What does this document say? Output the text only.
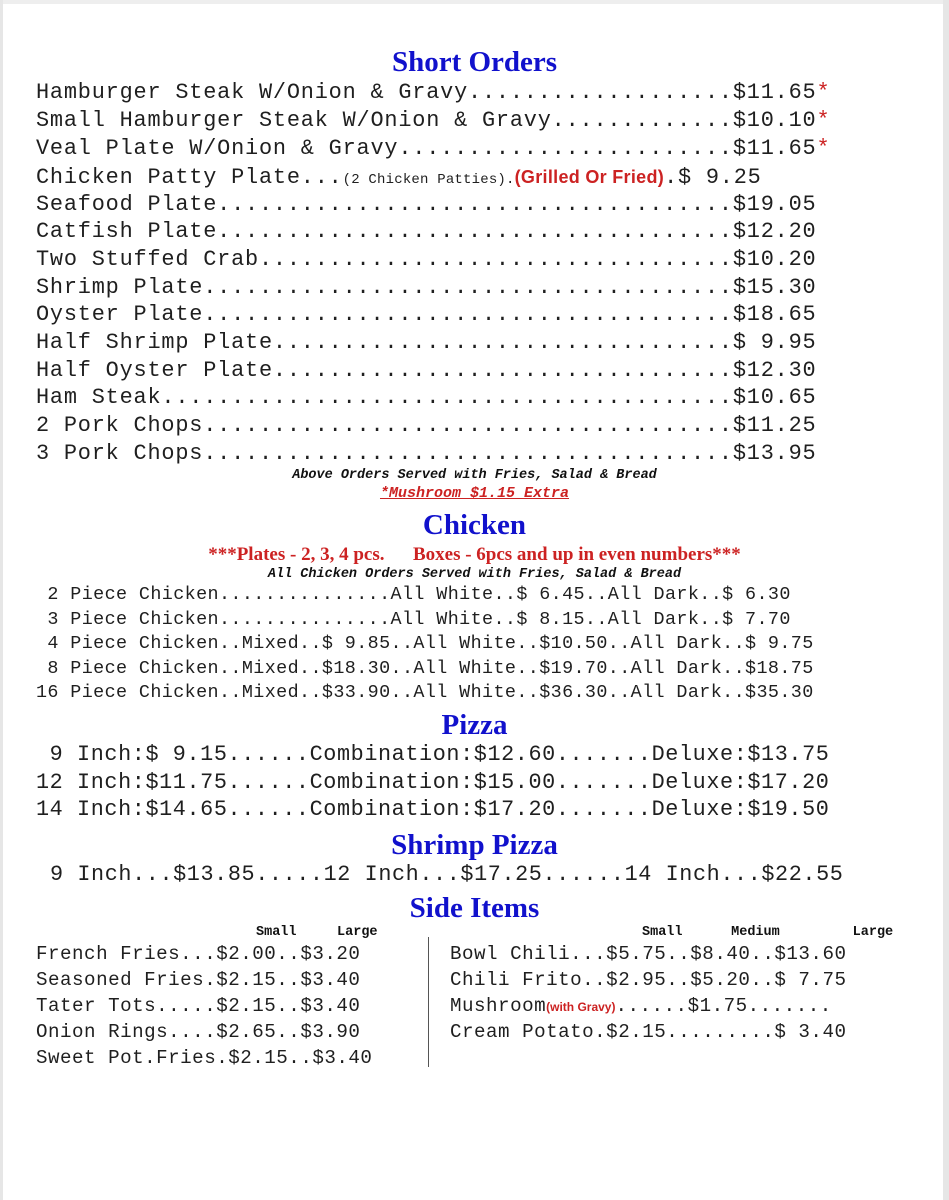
Short Orders
Hamburger Steak W/Onion & Gravy...................$11.65*
Small Hamburger Steak W/Onion & Gravy.............$10.10*
Veal Plate W/Onion & Gravy........................$11.65*
Chicken Patty Plate...(2 Chicken Patties).(Grilled Or Fried).$ 9.25
Seafood Plate.....................................$19.05
Catfish Plate.....................................$12.20
Two Stuffed Crab..................................$10.20
Shrimp Plate......................................$15.30
Oyster Plate......................................$18.65
Half Shrimp Plate.................................$ 9.95
Half Oyster Plate.................................$12.30
Ham Steak.........................................$10.65
2 Pork Chops......................................$11.25
3 Pork Chops......................................$13.95
Above Orders Served with Fries, Salad & Bread
*Mushroom $1.15 Extra
Chicken
***Plates - 2, 3, 4 pcs.      Boxes - 6pcs and up in even numbers***
All Chicken Orders Served with Fries, Salad & Bread
2 Piece Chicken...............All White..$ 6.45..All Dark..$ 6.30
3 Piece Chicken...............All White..$ 8.15..All Dark..$ 7.70
4 Piece Chicken..Mixed..$ 9.85..All White..$10.50..All Dark..$ 9.75
8 Piece Chicken..Mixed..$18.30..All White..$19.70..All Dark..$18.75
16 Piece Chicken..Mixed..$33.90..All White..$36.30..All Dark..$35.30
Pizza
9 Inch:$ 9.15......Combination:$12.60.......Deluxe:$13.75
12 Inch:$11.75......Combination:$15.00.......Deluxe:$17.20
14 Inch:$14.65......Combination:$17.20.......Deluxe:$19.50
Shrimp Pizza
9 Inch...$13.85.....12 Inch...$17.25......14 Inch...$22.55
Side Items
Small     Large	Small      Medium         Large
French Fries...$2.00..$3.20
Seasoned Fries.$2.15..$3.40
Tater Tots.....$2.15..$3.40
Onion Rings....$2.65..$3.90
Sweet Pot.Fries.$2.15..$3.40
Bowl Chili...$5.75..$8.40..$13.60
Chili Frito..$2.95..$5.20..$ 7.75
Mushroom(with Gravy)......$1.75.......
Cream Potato.$2.15.........$ 3.40
